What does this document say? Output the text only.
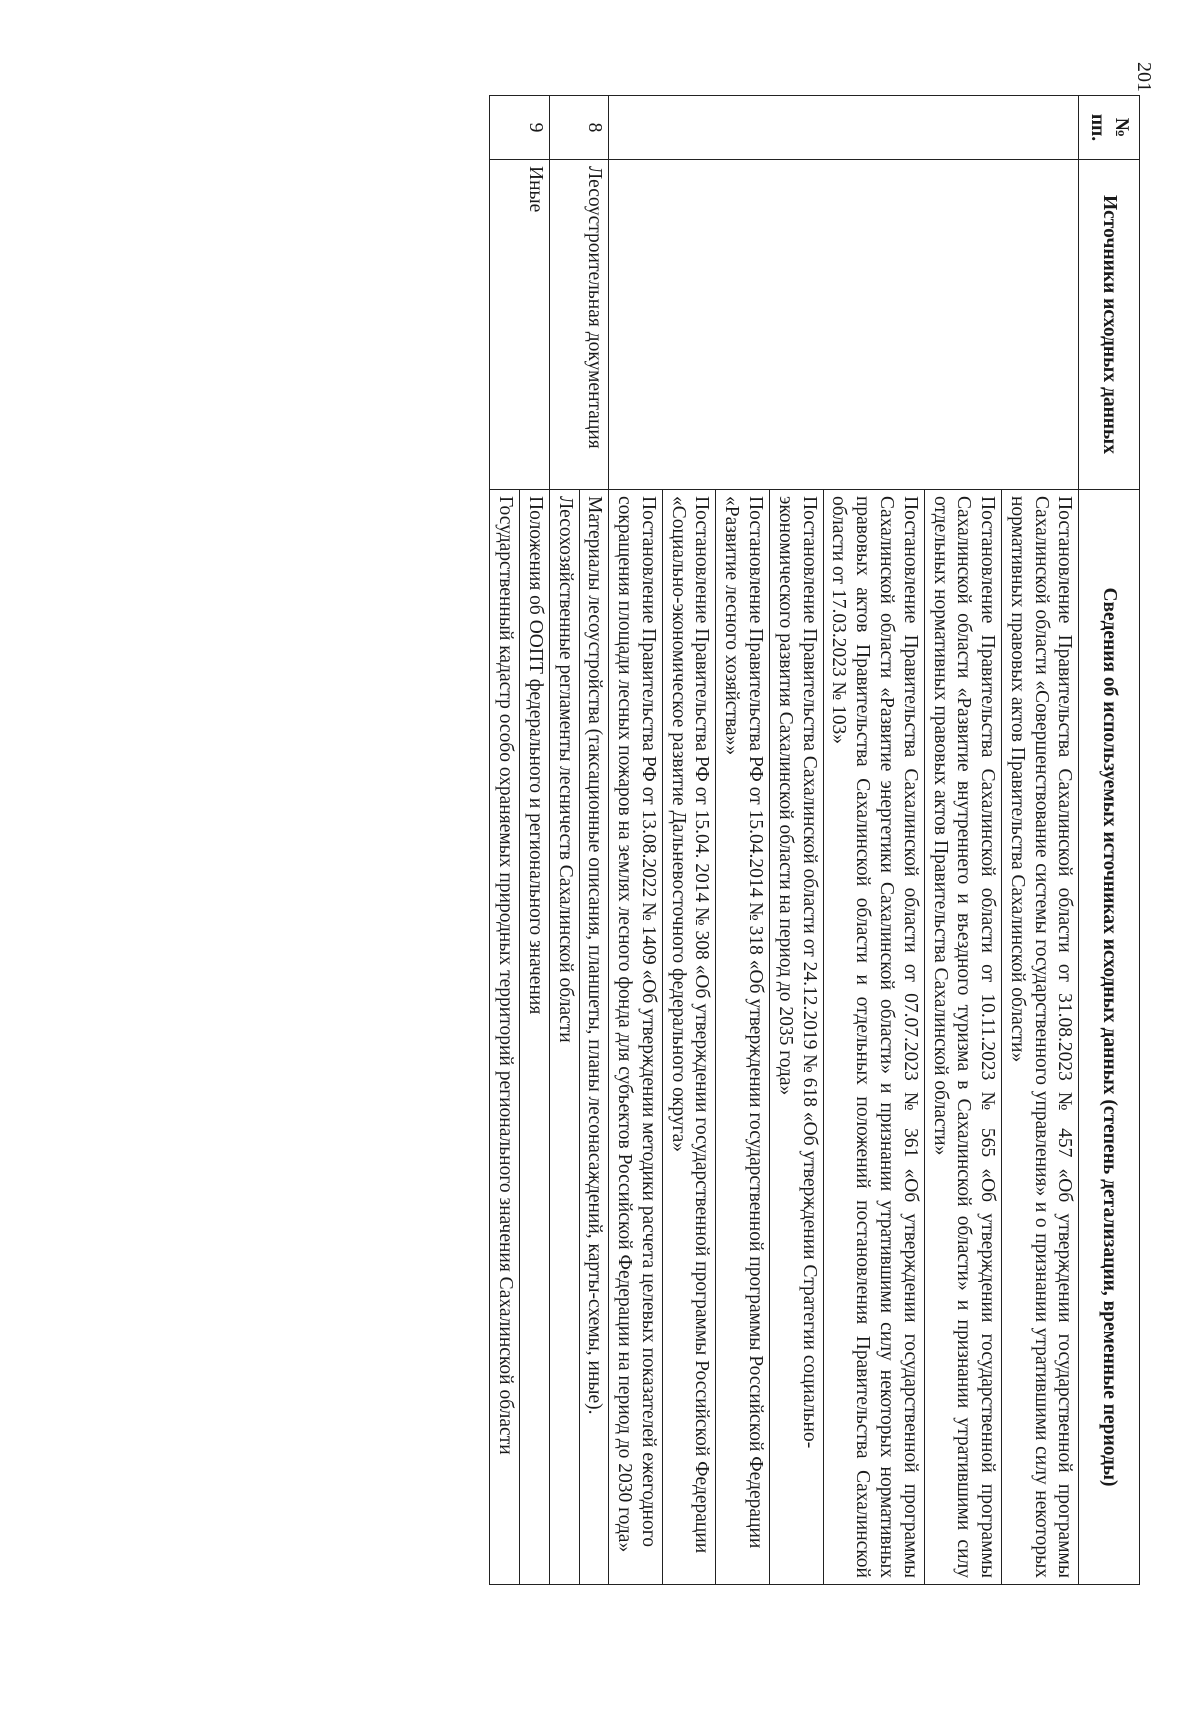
201
№ пп.	Источники исходных данных	Сведения об используемых источниках исходных данных (степень детализации, временные периоды)
		Постановление Правительства Сахалинской области от 31.08.2023 № 457 «Об утверждении государственной программы Сахалинской области «Совершенствование системы государственного управления» и о признании утратившими силу некоторых нормативных правовых актов Правительства Сахалинской области»
		Постановление Правительства Сахалинской области от 10.11.2023 № 565 «Об утверждении государственной программы Сахалинской области «Развитие внутреннего и въездного туризма в Сахалинской области» и признании утратившими силу отдельных нормативных правовых актов Правительства Сахалинской области»
		Постановление Правительства Сахалинской области от 07.07.2023 № 361 «Об утверждении государственной программы Сахалинской области «Развитие энергетики Сахалинской области» и признании утратившими силу некоторых нормативных правовых актов Правительства Сахалинской области и отдельных положений постановления Правительства Сахалинской области от 17.03.2023 № 103»
		Постановление Правительства Сахалинской области от 24.12.2019 № 618 «Об утверждении Стратегии социально-экономического развития Сахалинской области на период до 2035 года»
		Постановление Правительства РФ от 15.04.2014 № 318 «Об утверждении государственной программы Российской Федерации «Развитие лесного хозяйства»»
		Постановление Правительства РФ от 15.04. 2014 № 308 «Об утверждении государственной программы Российской Федерации «Социально-экономическое развитие Дальневосточного федерального округа»
		Постановление Правительства РФ от 13.08.2022 № 1409 «Об утверждении методики расчета целевых показателей ежегодного сокращения площади лесных пожаров на землях лесного фонда для субъектов Российской Федерации на период до 2030 года»
8	Лесоустроительная документация	Материалы лесоустройства (таксационные описания, планшеты, планы лесонасаждений, карты-схемы, иные).
		Лесохозяйственные регламенты лесничеств Сахалинской области
9	Иные	Положения об ООПТ федерального и регионального значения
		Государственный кадастр особо охраняемых природных территорий регионального значения Сахалинской области
